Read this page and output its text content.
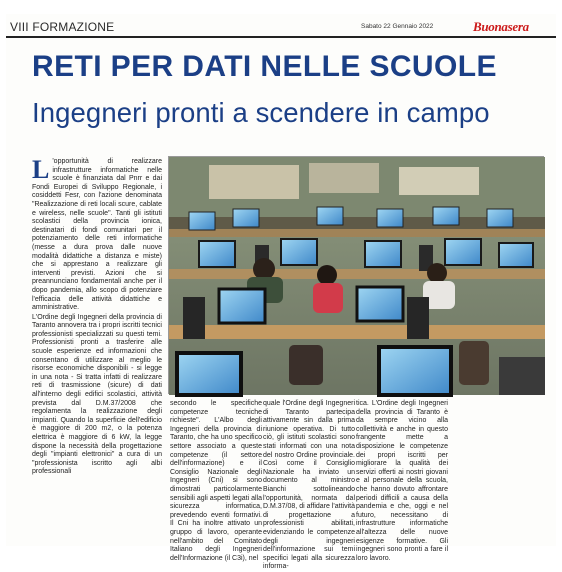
VIII FORMAZIONE	Sabato 22 Gennaio 2022	Buonasera
RETI PER DATI NELLE SCUOLE
Ingegneri pronti a scendere in campo
L 'opportunità di realizzare infrastrutture informatiche nelle scuole è finanziata dal Pnrr e dai Fondi Europei di Sviluppo Regionale, i cosiddetti Fesr, con l'azione denominata "Realizzazione di reti locali scure, cablate e wireless, nelle scuole". Tanti gli istituti scolastici della provincia ionica, destinatari di fondi comunitari per il potenziamento delle reti informatiche (messe a dura prova dalle nuove modalità didattiche a distanza e miste) che si apprestano a realizzare gli interventi previsti. Azioni che si preannunciano fondamentali anche per il dopo pandemia, allo scopo di potenziare l'efficacia delle attività didattiche e amministrative.
L'Ordine degli Ingegneri della provincia di Taranto annovera tra i propri iscritti tecnici professionisti specializzati su questi temi. Professionisti pronti a trasferire alle scuole esperienze ed informazioni che consentano di utilizzare al meglio le risorse economiche disponibili - si legge in una nota - Si tratta infatti di realizzare reti di trasmissione (sicure) di dati all'interno degli edifici scolastici, attività prevista dal D.M.37/2008 che regolamenta la realizzazione degli impianti. Quando la superficie dell'edificio è maggiore di 200 m2, o la potenza elettrica è maggiore di 6 kW, la legge dispone la necessità della progettazione degli "impianti elettronici" a cura di un "professionista iscritto agli albi professionali
secondo le specifiche competenze tecniche richieste". L'Albo degli Ingegneri della provincia di Taranto, che ha uno specifico settore associato a queste competenze (il settore dell'informazione) e il Consiglio Nazionale degli Ingegneri (Cni) si sono dimostrati particolarmente sensibili agli aspetti legati alla sicurezza informatica, prevedendo eventi formativi. Il Cni ha inoltre attivato un gruppo di lavoro, operante nell'ambito del Comitato Italiano degli Ingegneri dell'Informazione (il C3i), nel
quale l'Ordine degli Ingegneri di Taranto partecipa attivamente sin dalla prima riunione operativa. Di tutto ciò, gli istituti scolastici sono stati informati con una nota del nostro Ordine provinciale. Così come il Consiglio Nazionale ha inviato un documento al ministro Bianchi sottolineando l'opportunità, normata dal D.M.37/08, di affidare l'attività di progettazione a professionisti abilitati, evidenziando le competenze degli ingegneri dell'informazione sui temi specifici legati alla sicurezza informa-
tica. L'Ordine degli Ingegneri della provincia di Taranto è da sempre vicino alla collettività e anche in questo frangente mette a disposizione le competenze dei propri iscritti per migliorare la qualità dei servizi offerti ai nostri giovani e al personale della scuola, che hanno dovuto affrontare periodi difficili a causa della pandemia e che, oggi e nel futuro, necessitano di infrastrutture informatiche all'altezza delle nuove esigenze formative. Gli ingegneri sono pronti a fare il loro lavoro.
